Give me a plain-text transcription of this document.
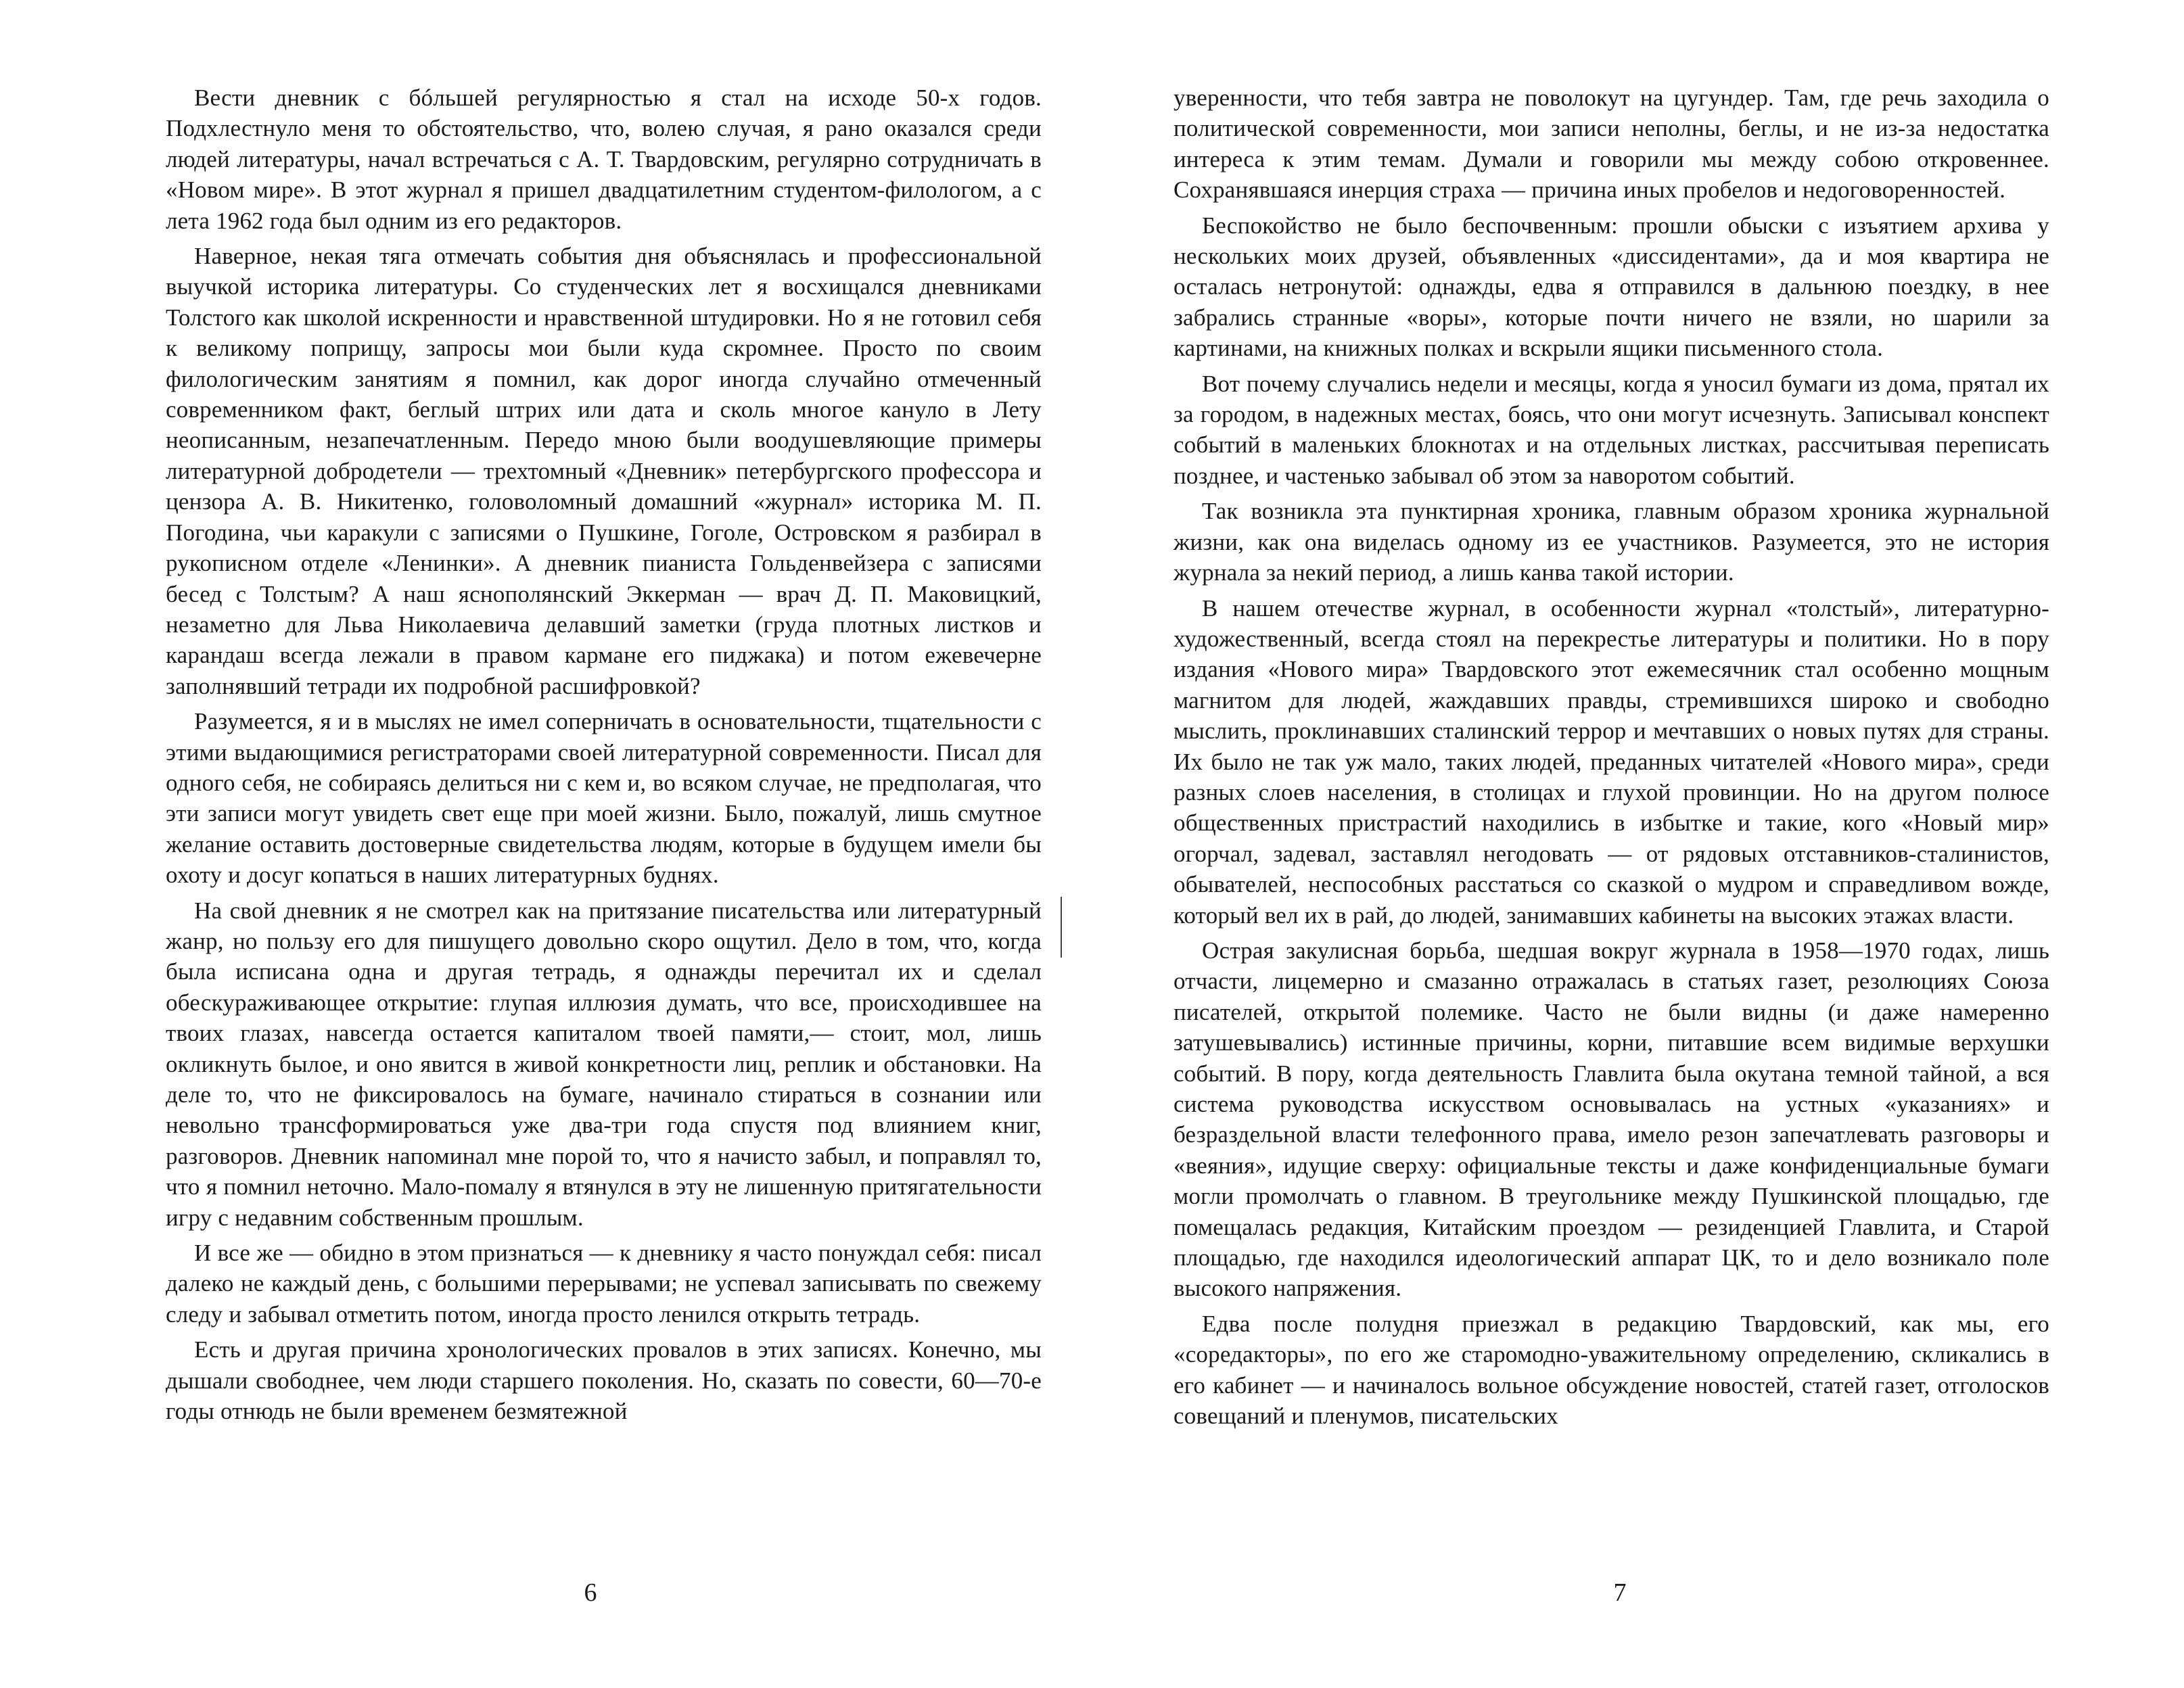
Вести дневник с бóльшей регулярностью я стал на исходе 50-х годов. Подхлестнуло меня то обстоятельство, что, волею случая, я рано оказался среди людей литературы, начал встречаться с А. Т. Твардовским, регулярно сотрудничать в «Новом мире». В этот журнал я пришел двадцатилетним студентом-филологом, а с лета 1962 года был одним из его редакторов.

Наверное, некая тяга отмечать события дня объяснялась и профессиональной выучкой историка литературы. Со студенческих лет я восхищался дневниками Толстого как школой искренности и нравственной штудировки. Но я не готовил себя к великому поприщу, запросы мои были куда скромнее. Просто по своим филологическим занятиям я помнил, как дорог иногда случайно отмеченный современником факт, беглый штрих или дата и сколь многое кануло в Лету неописанным, незапечатленным. Передо мною были воодушевляющие примеры литературной добродетели — трехтомный «Дневник» петербургского профессора и цензора А. В. Никитенко, головоломный домашний «журнал» историка М. П. Погодина, чьи каракули с записями о Пушкине, Гоголе, Островском я разбирал в рукописном отделе «Ленинки». А дневник пианиста Гольденвейзера с записями бесед с Толстым? А наш яснополянский Эккерман — врач Д. П. Маковицкий, незаметно для Льва Николаевича делавший заметки (груда плотных листков и карандаш всегда лежали в правом кармане его пиджака) и потом ежевечерне заполнявший тетради их подробной расшифровкой?

Разумеется, я и в мыслях не имел соперничать в основательности, тщательности с этими выдающимися регистраторами своей литературной современности. Писал для одного себя, не собираясь делиться ни с кем и, во всяком случае, не предполагая, что эти записи могут увидеть свет еще при моей жизни. Было, пожалуй, лишь смутное желание оставить достоверные свидетельства людям, которые в будущем имели бы охоту и досуг копаться в наших литературных буднях.

На свой дневник я не смотрел как на притязание писательства или литературный жанр, но пользу его для пишущего довольно скоро ощутил. Дело в том, что, когда была исписана одна и другая тетрадь, я однажды перечитал их и сделал обескураживающее открытие: глупая иллюзия думать, что все, происходившее на твоих глазах, навсегда остается капиталом твоей памяти,— стоит, мол, лишь окликнуть былое, и оно явится в живой конкретности лиц, реплик и обстановки. На деле то, что не фиксировалось на бумаге, начинало стираться в сознании или невольно трансформироваться уже два-три года спустя под влиянием книг, разговоров. Дневник напоминал мне порой то, что я начисто забыл, и поправлял то, что я помнил неточно. Мало-помалу я втянулся в эту не лишенную притягательности игру с недавним собственным прошлым.

И все же — обидно в этом признаться — к дневнику я часто понуждал себя: писал далеко не каждый день, с большими перерывами; не успевал записывать по свежему следу и забывал отметить потом, иногда просто ленился открыть тетрадь.

Есть и другая причина хронологических провалов в этих записях. Конечно, мы дышали свободнее, чем люди старшего поколения. Но, сказать по совести, 60—70-е годы отнюдь не были временем безмятежной

6

уверенности, что тебя завтра не поволокут на цугундер. Там, где речь заходила о политической современности, мои записи неполны, беглы, и не из-за недостатка интереса к этим темам. Думали и говорили мы между собою откровеннее. Сохранявшаяся инерция страха — причина иных пробелов и недоговоренностей.

Беспокойство не было беспочвенным: прошли обыски с изъятием архива у нескольких моих друзей, объявленных «диссидентами», да и моя квартира не осталась нетронутой: однажды, едва я отправился в дальнюю поездку, в нее забрались странные «воры», которые почти ничего не взяли, но шарили за картинами, на книжных полках и вскрыли ящики письменного стола.

Вот почему случались недели и месяцы, когда я уносил бумаги из дома, прятал их за городом, в надежных местах, боясь, что они могут исчезнуть. Записывал конспект событий в маленьких блокнотах и на отдельных листках, рассчитывая переписать позднее, и частенько забывал об этом за наворотом событий.

Так возникла эта пунктирная хроника, главным образом хроника журнальной жизни, как она виделась одному из ее участников. Разумеется, это не история журнала за некий период, а лишь канва такой истории.

В нашем отечестве журнал, в особенности журнал «толстый», литературно-художественный, всегда стоял на перекрестье литературы и политики. Но в пору издания «Нового мира» Твардовского этот ежемесячник стал особенно мощным магнитом для людей, жаждавших правды, стремившихся широко и свободно мыслить, проклинавших сталинский террор и мечтавших о новых путях для страны. Их было не так уж мало, таких людей, преданных читателей «Нового мира», среди разных слоев населения, в столицах и глухой провинции. Но на другом полюсе общественных пристрастий находились в избытке и такие, кого «Новый мир» огорчал, задевал, заставлял негодовать — от рядовых отставников-сталинистов, обывателей, неспособных расстаться со сказкой о мудром и справедливом вожде, который вел их в рай, до людей, занимавших кабинеты на высоких этажах власти.

Острая закулисная борьба, шедшая вокруг журнала в 1958—1970 годах, лишь отчасти, лицемерно и смазанно отражалась в статьях газет, резолюциях Союза писателей, открытой полемике. Часто не были видны (и даже намеренно затушевывались) истинные причины, корни, питавшие всем видимые верхушки событий. В пору, когда деятельность Главлита была окутана темной тайной, а вся система руководства искусством основывалась на устных «указаниях» и безраздельной власти телефонного права, имело резон запечатлевать разговоры и «веяния», идущие сверху: официальные тексты и даже конфиденциальные бумаги могли промолчать о главном. В треугольнике между Пушкинской площадью, где помещалась редакция, Китайским проездом — резиденцией Главлита, и Старой площадью, где находился идеологический аппарат ЦК, то и дело возникало поле высокого напряжения.

Едва после полудня приезжал в редакцию Твардовский, как мы, его «соредакторы», по его же старомодно-уважительному определению, скликались в его кабинет — и начиналось вольное обсуждение новостей, статей газет, отголосков совещаний и пленумов, писательских

7
